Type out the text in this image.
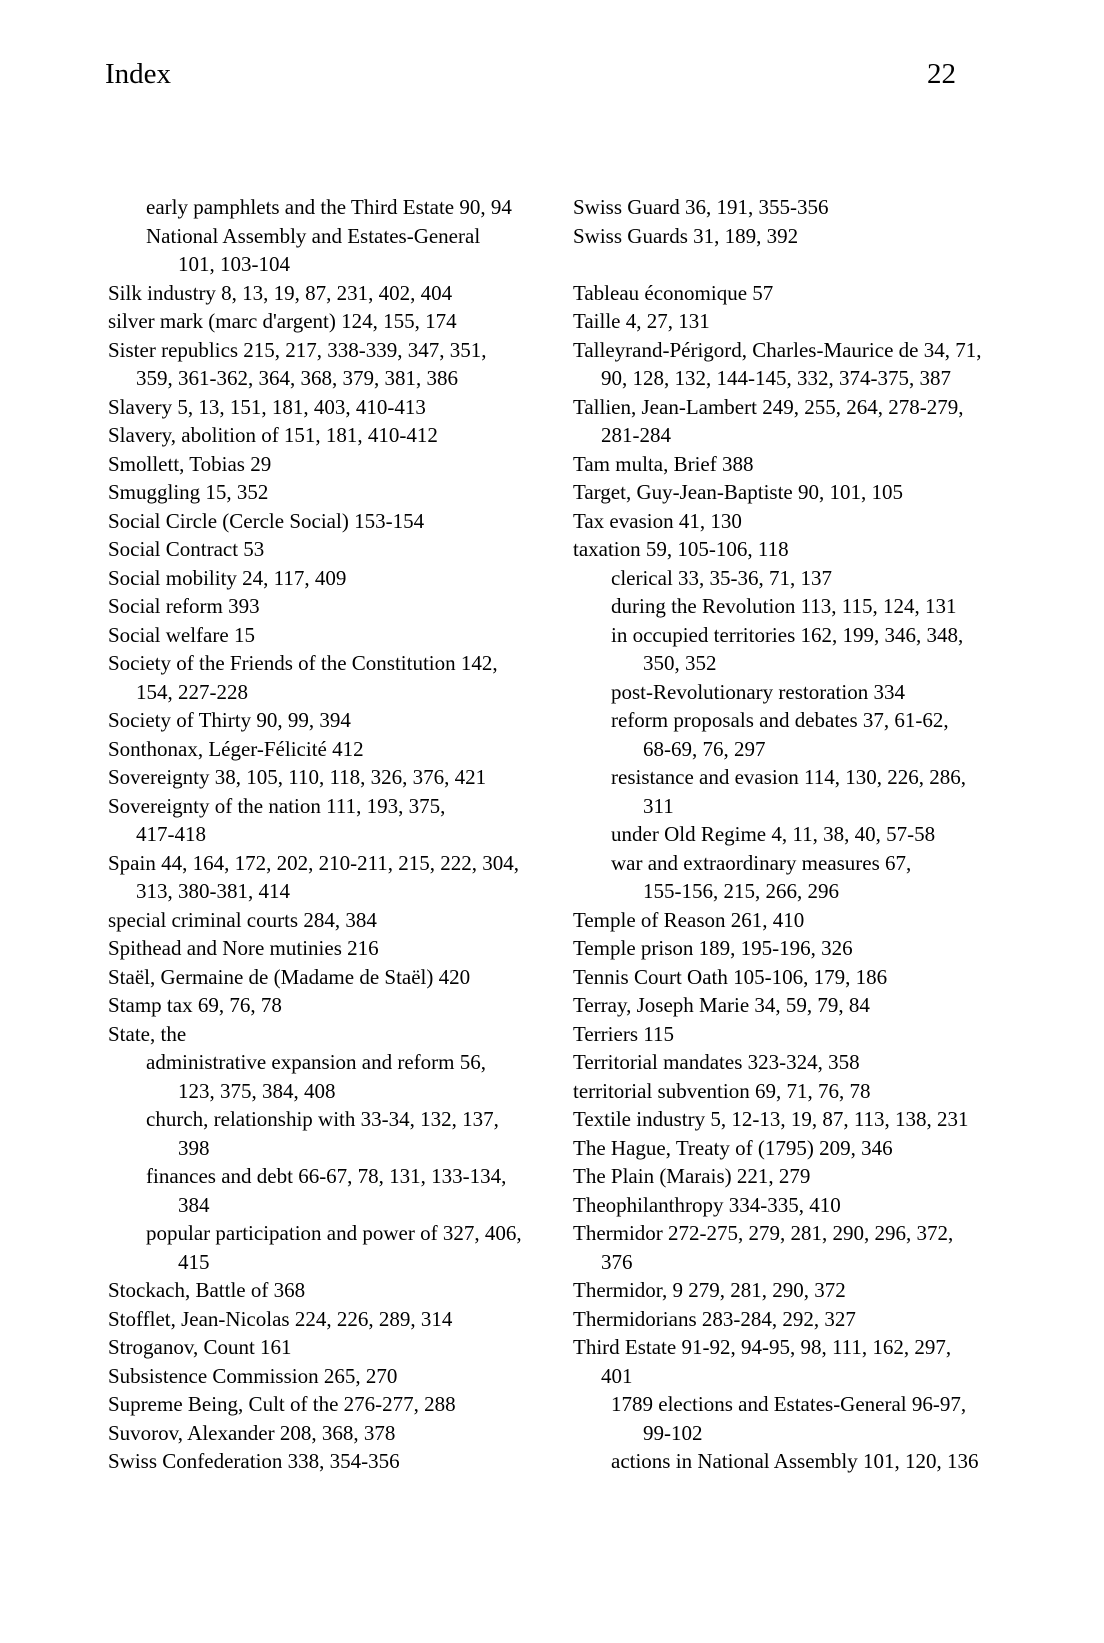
Index	22
early pamphlets and the Third Estate 90, 94
National Assembly and Estates-General
101, 103-104
Silk industry 8, 13, 19, 87, 231, 402, 404
silver mark (marc d'argent) 124, 155, 174
Sister republics 215, 217, 338-339, 347, 351,
359, 361-362, 364, 368, 379, 381, 386
Slavery 5, 13, 151, 181, 403, 410-413
Slavery, abolition of 151, 181, 410-412
Smollett, Tobias 29
Smuggling 15, 352
Social Circle (Cercle Social) 153-154
Social Contract 53
Social mobility 24, 117, 409
Social reform 393
Social welfare 15
Society of the Friends of the Constitution 142,
154, 227-228
Society of Thirty 90, 99, 394
Sonthonax, Léger-Félicité 412
Sovereignty 38, 105, 110, 118, 326, 376, 421
Sovereignty of the nation 111, 193, 375,
417-418
Spain 44, 164, 172, 202, 210-211, 215, 222, 304,
313, 380-381, 414
special criminal courts 284, 384
Spithead and Nore mutinies 216
Staël, Germaine de (Madame de Staël) 420
Stamp tax 69, 76, 78
State, the
administrative expansion and reform 56,
123, 375, 384, 408
church, relationship with 33-34, 132, 137,
398
finances and debt 66-67, 78, 131, 133-134,
384
popular participation and power of 327, 406,
415
Stockach, Battle of 368
Stofflet, Jean-Nicolas 224, 226, 289, 314
Stroganov, Count 161
Subsistence Commission 265, 270
Supreme Being, Cult of the 276-277, 288
Suvorov, Alexander 208, 368, 378
Swiss Confederation 338, 354-356
Swiss Guard 36, 191, 355-356
Swiss Guards 31, 189, 392
Tableau économique 57
Taille 4, 27, 131
Talleyrand-Périgord, Charles-Maurice de 34, 71,
90, 128, 132, 144-145, 332, 374-375, 387
Tallien, Jean-Lambert 249, 255, 264, 278-279,
281-284
Tam multa, Brief 388
Target, Guy-Jean-Baptiste 90, 101, 105
Tax evasion 41, 130
taxation 59, 105-106, 118
clerical 33, 35-36, 71, 137
during the Revolution 113, 115, 124, 131
in occupied territories 162, 199, 346, 348,
350, 352
post-Revolutionary restoration 334
reform proposals and debates 37, 61-62,
68-69, 76, 297
resistance and evasion 114, 130, 226, 286,
311
under Old Regime 4, 11, 38, 40, 57-58
war and extraordinary measures 67,
155-156, 215, 266, 296
Temple of Reason 261, 410
Temple prison 189, 195-196, 326
Tennis Court Oath 105-106, 179, 186
Terray, Joseph Marie 34, 59, 79, 84
Terriers 115
Territorial mandates 323-324, 358
territorial subvention 69, 71, 76, 78
Textile industry 5, 12-13, 19, 87, 113, 138, 231
The Hague, Treaty of (1795) 209, 346
The Plain (Marais) 221, 279
Theophilanthropy 334-335, 410
Thermidor 272-275, 279, 281, 290, 296, 372,
376
Thermidor, 9 279, 281, 290, 372
Thermidorians 283-284, 292, 327
Third Estate 91-92, 94-95, 98, 111, 162, 297,
401
1789 elections and Estates-General 96-97,
99-102
actions in National Assembly 101, 120, 136
